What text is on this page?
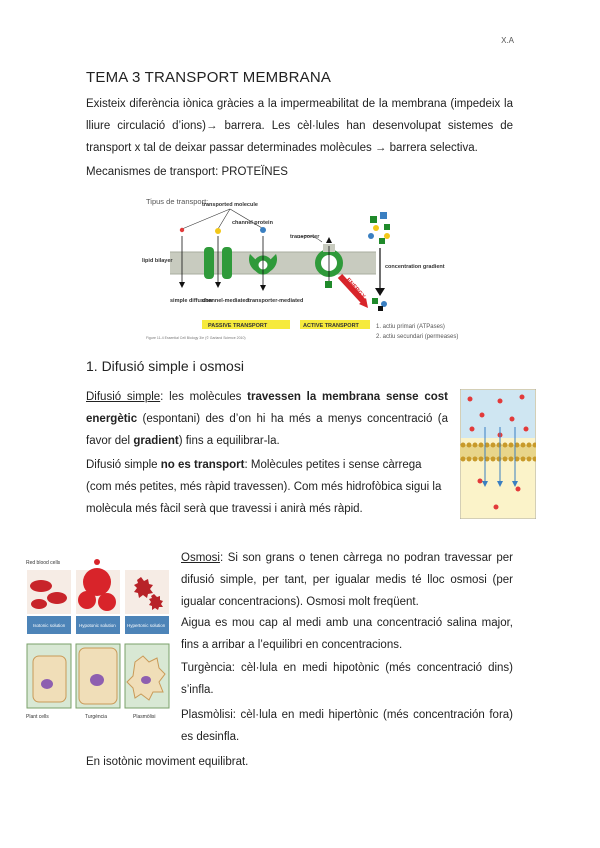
X.A
TEMA 3 TRANSPORT MEMBRANA

Existeix diferència iònica gràcies a la impermeabilitat de la membrana (impedeix la lliure circulació d’ions)→ barrera. Les cèl·lules han desenvolupat sistemes de transport x tal de deixar passar determinades molècules → barrera selectiva.

Mecanismes de transport: PROTEÏNES
Tipus de transport:
transported molecule
channel protein
transporter
lipid bilayer
ENERGY
concentration gradient
simple diffusion
channel-mediated transporter-mediated
PASSIVE TRANSPORT	ACTIVE TRANSPORT	1. actiu primari (ATPases)
2. actiu secundari (permeases)
Figure 11-4 Essential Cell Biology 3/e (© Garland Science 2010)
1. Difusió simple i osmosi

Difusió simple: les molècules travessen la membrana sense cost energètic (espontani) des d’on hi ha més a menys concentració (a favor del gradient) fins a equilibrar-la.

Difusió simple no es transport: Molècules petites i sense càrrega (com més petites, més ràpid travessen). Com més hidrofòbica sigui la molècula més fàcil serà que travessi i anirà més ràpid.

Red blood cells
Isotonic solution	Hypotonic solution Hypertonic solution
Plant cells	Turgència	Plasmòlisi

Osmosi: Si son grans o tenen càrrega no podran travessar per difusió simple, per tant, per igualar medis té lloc osmosi (per igualar concentracions). Osmosi molt freqüent.

Aigua es mou cap al medi amb una concentració salina major, fins a arribar a l’equilibri en concentracions.

Turgència: cèl·lula en medi hipotònic (més concentració dins) s’infla.

Plasmòlisi: cèl·lula en medi hipertònic (més concentración fora) es desinfla.

En isotònic moviment equilibrat.
